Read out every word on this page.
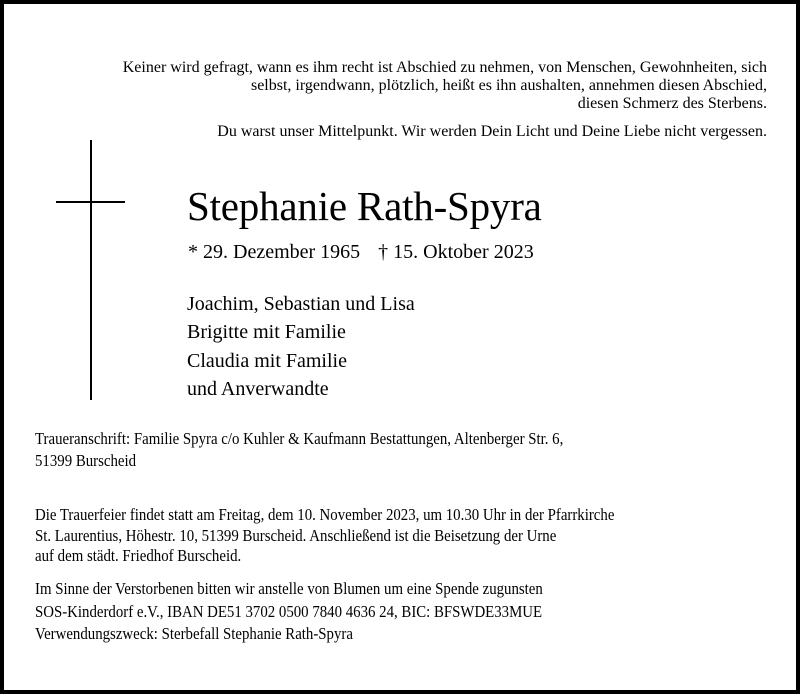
Keiner wird gefragt, wann es ihm recht ist Abschied zu nehmen, von Menschen, Gewohnheiten, sich
selbst, irgendwann, plötzlich, heißt es ihn aushalten, annehmen diesen Abschied,
diesen Schmerz des Sterbens.
Du warst unser Mittelpunkt. Wir werden Dein Licht und Deine Liebe nicht vergessen.
Stephanie Rath-Spyra
* 29. Dezember 1965 † 15. Oktober 2023
Joachim, Sebastian und Lisa
Brigitte mit Familie
Claudia mit Familie
und Anverwandte
Traueranschrift: Familie Spyra c/o Kuhler & Kaufmann Bestattungen, Altenberger Str. 6,
51399 Burscheid
Die Trauerfeier findet statt am Freitag, dem 10. November 2023, um 10.30 Uhr in der Pfarrkirche
St. Laurentius, Höhestr. 10, 51399 Burscheid. Anschließend ist die Beisetzung der Urne
auf dem städt. Friedhof Burscheid.
Im Sinne der Verstorbenen bitten wir anstelle von Blumen um eine Spende zugunsten
SOS-Kinderdorf e.V., IBAN DE51 3702 0500 7840 4636 24, BIC: BFSWDE33MUE
Verwendungszweck: Sterbefall Stephanie Rath-Spyra
